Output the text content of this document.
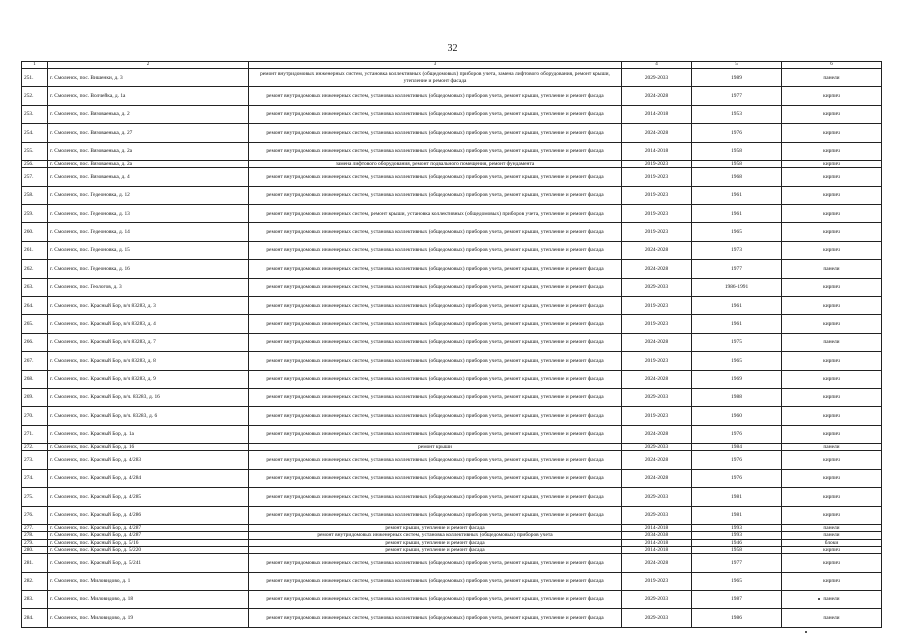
32
1	2	3	4	5	6
251.	г. Смоленск, пос. Вишенки, д. 3	ремонт внутридомовых инженерных систем, установка коллективных (общедомовых) приборов учета, замена лифтового оборудования, ремонт крыши, утепление и ремонт фасада	2029-2033	1989	панели
252.	г. Смоленск, пос. Волчейка, д. 1а	ремонт внутридомовых инженерных систем, установка коллективных (общедомовых) приборов учета, ремонт крыши, утепление и ремонт фасада	2024-2028	1977	кирпич
253.	г. Смоленск, пос. Вязоваенька, д. 2	ремонт внутридомовых инженерных систем, установка коллективных (общедомовых) приборов учета, ремонт крыши, утепление и ремонт фасада	2014-2018	1953	кирпич
254.	г. Смоленск, пос. Вязоваенька, д. 27	ремонт внутридомовых инженерных систем, установка коллективных (общедомовых) приборов учета, ремонт крыши, утепление и ремонт фасада	2024-2028	1976	кирпич
255.	г. Смоленск, пос. Вязоваенька, д. 2а	ремонт внутридомовых инженерных систем, установка коллективных (общедомовых) приборов учета, ремонт крыши, утепление и ремонт фасада	2014-2018	1958	кирпич
256.	г. Смоленск, пос. Вязоваенька, д. 2а	замена лифтового оборудования, ремонт подвального помещения, ремонт фундамента	2019-2023	1958	кирпич
257.	г. Смоленск, пос. Вязоваенька, д. 4	ремонт внутридомовых инженерных систем, установка коллективных (общедомовых) приборов учета, ремонт крыши, утепление и ремонт фасада	2019-2023	1968	кирпич
258.	г. Смоленск, пос. Гедеоновка, д. 12	ремонт внутридомовых инженерных систем, установка коллективных (общедомовых) приборов учета, ремонт крыши, утепление и ремонт фасада	2019-2023	1961	кирпич
259.	г. Смоленск, пос. Гедеоновка, д. 13	ремонт внутридомовых инженерных систем, ремонт крыши, установка коллективных (общедомовых) приборов учета, утепление и ремонт фасада	2019-2023	1961	кирпич
260.	г. Смоленск, пос. Гедеоновка, д. 14	ремонт внутридомовых инженерных систем, установка коллективных (общедомовых) приборов учета, ремонт крыши, утепление и ремонт фасада	2019-2023	1965	кирпич
261.	г. Смоленск, пос. Гедеоновка, д. 15	ремонт внутридомовых инженерных систем, установка коллективных (общедомовых) приборов учета, ремонт крыши, утепление и ремонт фасада	2024-2028	1973	кирпич
262.	г. Смоленск, пос. Гедеоновка, д. 16	ремонт внутридомовых инженерных систем, установка коллективных (общедомовых) приборов учета, ремонт крыши, утепление и ремонт фасада	2024-2028	1977	панели
263.	г. Смоленск, пос. Геологов, д. 3	ремонт внутридомовых инженерных систем, установка коллективных (общедомовых) приборов учета, ремонт крыши, утепление и ремонт фасада	2029-2033	1986-1991	кирпич
264.	г. Смоленск, пос. Красный Бор, в/ч 83283, д. 3	ремонт внутридомовых инженерных систем, установка коллективных (общедомовых) приборов учета, ремонт крыши, утепление и ремонт фасада	2019-2023	1961	кирпич
265.	г. Смоленск, пос. Красный Бор, в/ч 83283, д. 4	ремонт внутридомовых инженерных систем, установка коллективных (общедомовых) приборов учета, ремонт крыши, утепление и ремонт фасада	2019-2023	1961	кирпич
266.	г. Смоленск, пос. Красный Бор, в/ч 83283, д. 7	ремонт внутридомовых инженерных систем, установка коллективных (общедомовых) приборов учета, ремонт крыши, утепление и ремонт фасада	2024-2028	1975	панели
267.	г. Смоленск, пос. Красный Бор, в/ч 83283, д. 8	ремонт внутридомовых инженерных систем, установка коллективных (общедомовых) приборов учета, ремонт крыши, утепление и ремонт фасада	2019-2023	1965	кирпич
268.	г. Смоленск, пос. Красный Бор, в/ч 83283, д. 9	ремонт внутридомовых инженерных систем, установка коллективных (общедомовых) приборов учета, ремонт крыши, утепление и ремонт фасада	2024-2028	1969	кирпич
269.	г. Смоленск, пос. Красный Бор, в/ч. 83283, д. 16	ремонт внутридомовых инженерных систем, установка коллективных (общедомовых) приборов учета, ремонт крыши, утепление и ремонт фасада	2029-2033	1988	кирпич
270.	г. Смоленск, пос. Красный Бор, в/ч. 83283, д. 6	ремонт внутридомовых инженерных систем, установка коллективных (общедомовых) приборов учета, ремонт крыши, утепление и ремонт фасада	2019-2023	1960	кирпич
271.	г. Смоленск, пос. Красный Бор, д. 1а	ремонт внутридомовых инженерных систем, установка коллективных (общедомовых) приборов учета, ремонт крыши, утепление и ремонт фасада	2024-2028	1976	кирпич
272.	г. Смоленск, пос. Красный Бор, д. 16	ремонт крыши	2029-2033	1984	панели
273.	г. Смоленск, пос. Красный Бор, д. 4/283	ремонт внутридомовых инженерных систем, установка коллективных (общедомовых) приборов учета, ремонт крыши, утепление и ремонт фасада	2024-2028	1976	кирпич
274.	г. Смоленск, пос. Красный Бор, д. 4/284	ремонт внутридомовых инженерных систем, установка коллективных (общедомовых) приборов учета, ремонт крыши, утепление и ремонт фасада	2024-2028	1976	кирпич
275.	г. Смоленск, пос. Красный Бор, д. 4/285	ремонт внутридомовых инженерных систем, установка коллективных (общедомовых) приборов учета, ремонт крыши, утепление и ремонт фасада	2029-2033	1981	кирпич
276.	г. Смоленск, пос. Красный Бор, д. 4/286	ремонт внутридомовых инженерных систем, установка коллективных (общедомовых) приборов учета, ремонт крыши, утепление и ремонт фасада	2029-2033	1981	кирпич
277.	г. Смоленск, пос. Красный Бор, д. 4/287	ремонт крыши, утепление и ремонт фасада	2014-2018	1993	панели
278.	г. Смоленск, пос. Красный Бор, д. 4/287	ремонт внутридомовых инженерных систем, установка коллективных (общедомовых) приборов учета	2034-2038	1993	панели
279.	г. Смоленск, пос. Красный Бор, д. 5/16	ремонт крыши, утепление и ремонт фасада	2014-2018	1946	блоки
280.	г. Смоленск, пос. Красный Бор, д. 5/220	ремонт крыши, утепление и ремонт фасада	2014-2018	1958	кирпич
281.	г. Смоленск, пос. Красный Бор, д. 5/241	ремонт внутридомовых инженерных систем, установка коллективных (общедомовых) приборов учета, ремонт крыши, утепление и ремонт фасада	2024-2028	1977	кирпич
282.	г. Смоленск, пос. Миловидово, д. 1	ремонт внутридомовых инженерных систем, установка коллективных (общедомовых) приборов учета, ремонт крыши, утепление и ремонт фасада	2019-2023	1965	кирпич
283.	г. Смоленск, пос. Миловидово, д. 18	ремонт внутридомовых инженерных систем, установка коллективных (общедомовых) приборов учета, ремонт крыши, утепление и ремонт фасада	2029-2033	1987	панели
284.	г. Смоленск, пос. Миловидово, д. 19	ремонт внутридомовых инженерных систем, установка коллективных (общедомовых) приборов учета, ремонт крыши, утепление и ремонт фасада	2029-2033	1986	панели
